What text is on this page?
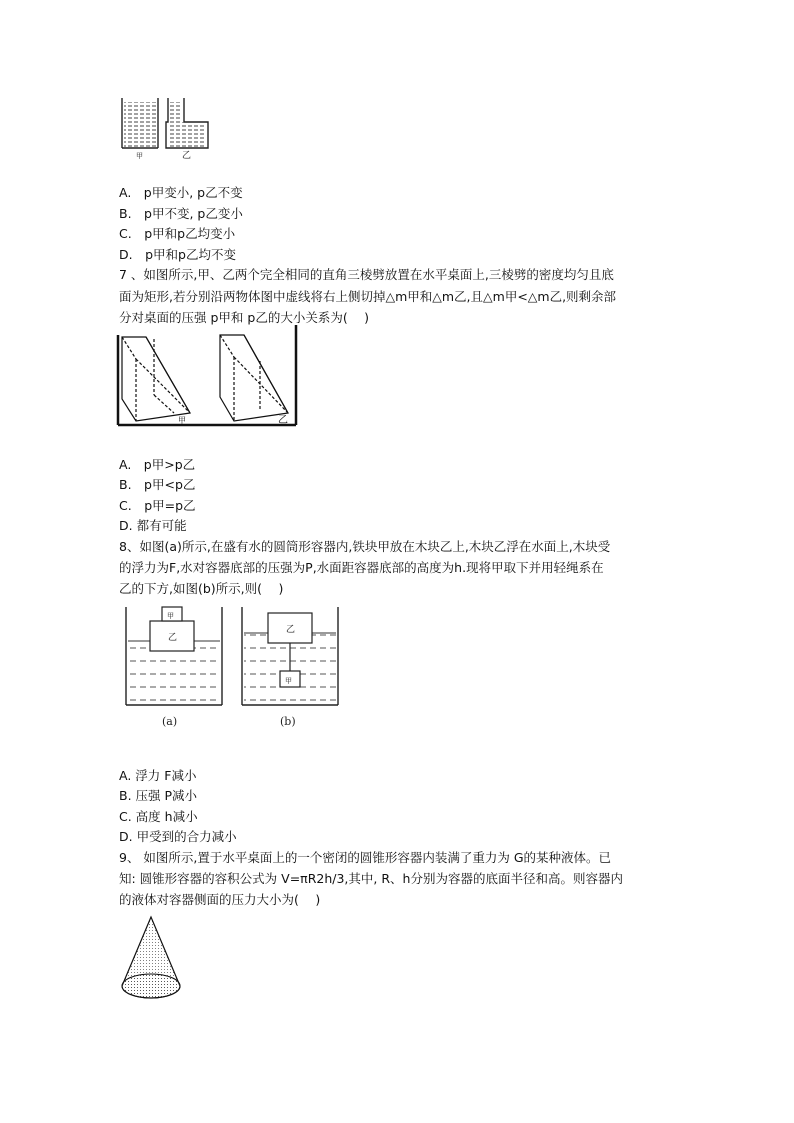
甲	乙
A.　p甲变小, p乙不变
B.　p甲不变, p乙变小
C.　p甲和p乙均变小
D.　p甲和p乙均不变
7 、如图所示,甲、乙两个完全相同的直角三棱劈放置在水平桌面上,三棱劈的密度均匀且底
面为矩形,若分别沿两物体图中虚线将右上侧切掉△m甲和△m乙,且△m甲<△m乙,则剩余部
分对桌面的压强 p甲和 p乙的大小关系为(　 )
甲	乙
A.　p甲>p乙
B.　p甲<p乙
C.　p甲=p乙
D. 都有可能
8、如图(a)所示,在盛有水的圆筒形容器内,铁块甲放在木块乙上,木块乙浮在水面上,木块受
的浮力为F,水对容器底部的压强为P,水面距容器底部的高度为h.现将甲取下并用轻绳系在
乙的下方,如图(b)所示,则(　 )
乙
甲
(a)
乙
甲
(b)
A. 浮力 F减小
B. 压强 P减小
C. 高度 h减小
D. 甲受到的合力减小
9、 如图所示,置于水平桌面上的一个密闭的圆锥形容器内装满了重力为 G的某种液体。已
知: 圆锥形容器的容积公式为 V=πR2h/3,其中, R、h分别为容器的底面半径和高。则容器内
的液体对容器侧面的压力大小为(　 )
